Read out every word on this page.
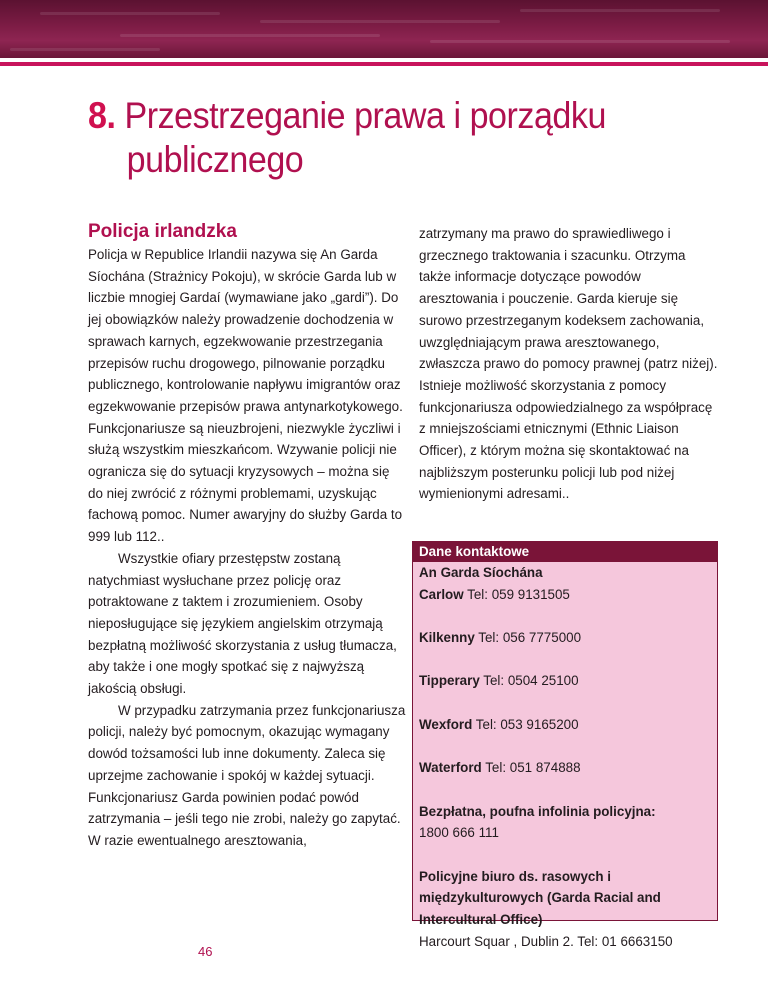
8. Przestrzeganie prawa i porządku
publicznego
Policja irlandzka

Policja w Republice Irlandii nazywa się An Garda Síochána (Strażnicy Pokoju), w skrócie Garda lub w liczbie mnogiej Gardaí (wymawiane jako „gardi”). Do jej obowiązków należy prowadzenie dochodzenia w sprawach karnych, egzekwowanie przestrzegania przepisów ruchu drogowego, pilnowanie porządku publicznego, kontrolowanie napływu imigrantów oraz egzekwowanie przepisów prawa antynarkotykowego. Funkcjonariusze są nieuzbrojeni, niezwykle życzliwi i służą wszystkim mieszkańcom. Wzywanie policji nie ogranicza się do sytuacji kryzysowych – można się do niej zwrócić z różnymi problemami, uzyskując fachową pomoc. Numer awaryjny do służby Garda to 999 lub 112..

Wszystkie ofiary przestępstw zostaną natychmiast wysłuchane przez policję oraz potraktowane z taktem i zrozumieniem. Osoby nieposługujące się językiem angielskim otrzymają bezpłatną możliwość skorzystania z usług tłumacza, aby także i one mogły spotkać się z najwyższą jakością obsługi.

W przypadku zatrzymania przez funkcjonariusza policji, należy być pomocnym, okazując wymagany dowód tożsamości lub inne dokumenty. Zaleca się uprzejme zachowanie i spokój w każdej sytuacji. Funkcjonariusz Garda powinien podać powód zatrzymania – jeśli tego nie zrobi, należy go zapytać. W razie ewentualnego aresztowania,

zatrzymany ma prawo do sprawiedliwego i grzecznego traktowania i szacunku. Otrzyma także informacje dotyczące powodów aresztowania i pouczenie. Garda kieruje się surowo przestrzeganym kodeksem zachowania, uwzględniającym prawa aresztowanego, zwłaszcza prawo do pomocy prawnej (patrz niżej). Istnieje możliwość skorzystania z pomocy funkcjonariusza odpowiedzialnego za współpracę z mniejszościami etnicznymi (Ethnic Liaison Officer), z którym można się skontaktować na najbliższym posterunku policji lub pod niżej wymienionymi adresami..

Dane kontaktowe

An Garda Síochána

Carlow Tel: 059 9131505

Kilkenny Tel: 056 7775000

Tipperary Tel: 0504 25100

Wexford Tel: 053 9165200

Waterford Tel: 051 874888

Bezpłatna, poufna infolinia policyjna:

1800 666 111

Policyjne biuro ds. rasowych i międzykulturowych (Garda Racial and Intercultural Office)

Harcourt Squar , Dublin 2. Tel: 01 6663150

46
